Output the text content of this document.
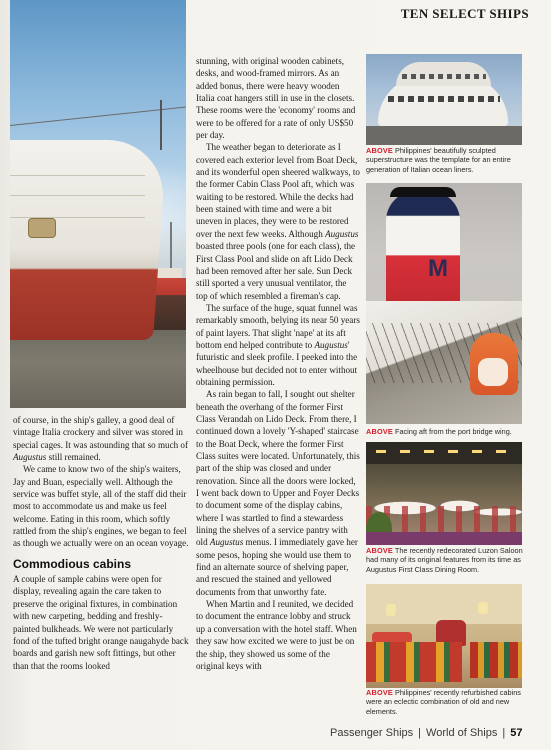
TEN SELECT SHIPS

of course, in the ship's galley, a good deal of vintage Italia crockery and silver was stored in special cages. It was astounding that so much of Augustus still remained.

We came to know two of the ship's waiters, Jay and Buan, especially well. Although the service was buffet style, all of the staff did their most to accommodate us and make us feel welcome. Eating in this room, which softly rattled from the ship's engines, we began to feel as though we actually were on an ocean voyage.

Commodious cabins

A couple of sample cabins were open for display, revealing again the care taken to preserve the original fixtures, in combination with new carpeting, bedding and freshly-painted bulkheads. We were not particularly fond of the tufted bright orange naugahyde back boards and garish new soft fittings, but other than that the rooms looked

stunning, with original wooden cabinets, desks, and wood-framed mirrors. As an added bonus, there were heavy wooden Italia coat hangers still in use in the closets. These rooms were the 'economy' rooms and were to be offered for a rate of only US$50 per day.

The weather began to deteriorate as I covered each exterior level from Boat Deck, and its wonderful open sheered walkways, to the former Cabin Class Pool aft, which was waiting to be restored. While the decks had been stained with time and were a bit uneven in places, they were to be restored over the next few weeks. Although Augustus boasted three pools (one for each class), the First Class Pool and slide on aft Lido Deck had been removed after her sale. Sun Deck still sported a very unusual ventilator, the top of which resembled a fireman's cap.

The surface of the huge, squat funnel was remarkably smooth, belying its near 50 years of paint layers. That slight 'nape' at its aft bottom end helped contribute to Augustus' futuristic and sleek profile. I peeked into the wheelhouse but decided not to enter without obtaining permission.

As rain began to fall, I sought out shelter beneath the overhang of the former First Class Verandah on Lido Deck. From there, I continued down a lovely 'Y-shaped' staircase to the Boat Deck, where the former First Class suites were located. Unfortunately, this part of the ship was closed and under renovation. Since all the doors were locked, I went back down to Upper and Foyer Decks to document some of the display cabins, where I was startled to find a stewardess lining the shelves of a service pantry with old Augustus menus. I immediately gave her some pesos, hoping she would use them to find an alternate source of shelving paper, and rescued the stained and yellowed documents from that unworthy fate.

When Martin and I reunited, we decided to document the entrance lobby and struck up a conversation with the hotel staff. When they saw how excited we were to just be on the ship, they showed us some of the original keys with

ABOVE Philippines' beautifully sculpted superstructure was the template for an entire generation of Italian ocean liners.
M
ABOVE Facing aft from the port bridge wing.
ABOVE The recently redecorated Luzon Saloon had many of its original features from its time as Augustus First Class Dining Room.
ABOVE Philippines' recently refurbished cabins were an eclectic combination of old and new elements.
Passenger Ships | World of Ships | 57
